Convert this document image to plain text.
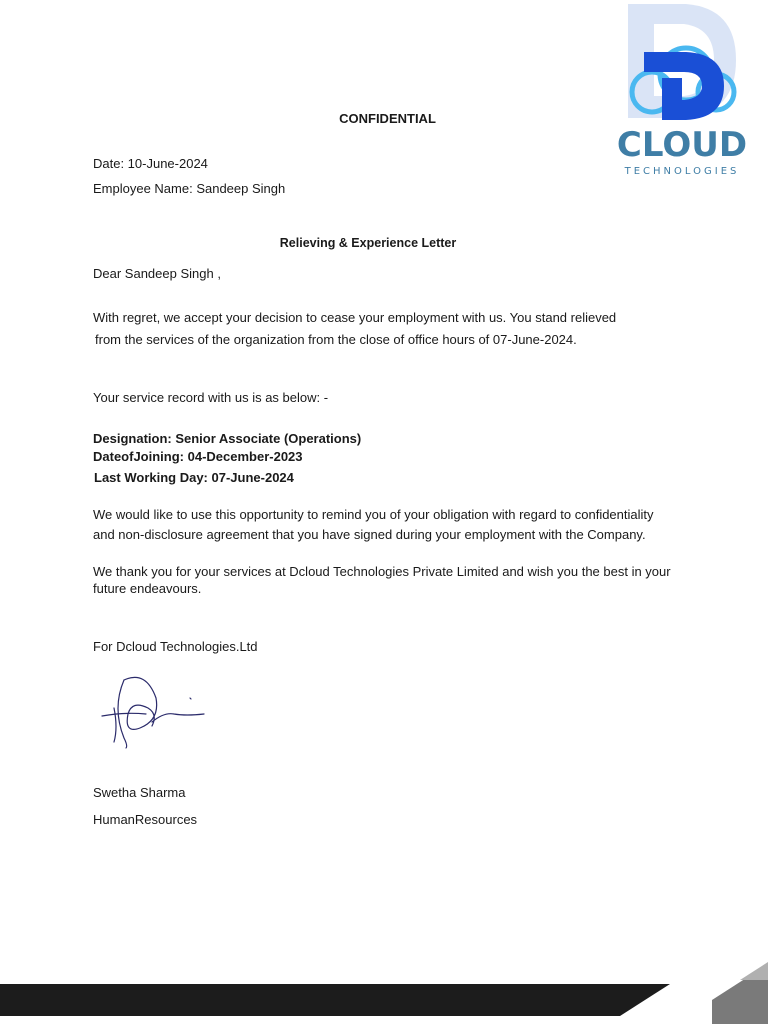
CLOUD
TECHNOLOGIES
CONFIDENTIAL
Date: 10-June-2024
Employee Name: Sandeep Singh
Relieving & Experience Letter
Dear Sandeep Singh ,
With regret, we accept your decision to cease your employment with us. You stand relieved
from the services of the organization from the close of office hours of 07-June-2024.
Your service record with us is as below: -
Designation: Senior Associate (Operations)
DateofJoining: 04-December-2023
Last Working Day: 07-June-2024
We would like to use this opportunity to remind you of your obligation with regard to confidentiality
and non-disclosure agreement that you have signed during your employment with the Company.
We thank you for your services at Dcloud Technologies Private Limited and wish you the best in your
future endeavours.
For Dcloud Technologies.Ltd
Swetha Sharma
HumanResources
